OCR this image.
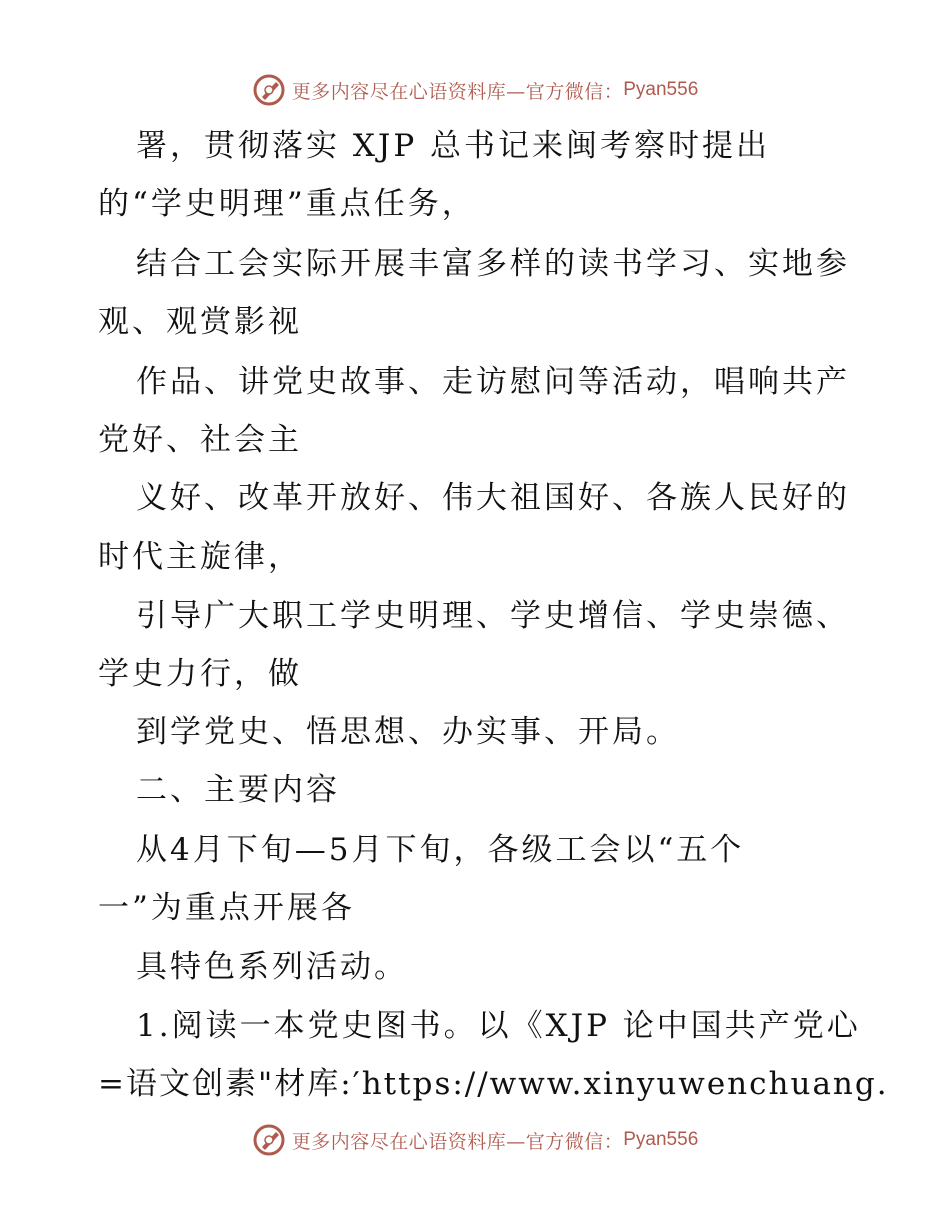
更多内容尽在心语资料库—官方微信： Pyan556
署，贯彻落实 XJP 总书记来闽考察时提出
的“学史明理”重点任务，
结合工会实际开展丰富多样的读书学习、实地参
观、观赏影视
作品、讲党史故事、走访慰问等活动，唱响共产
党好、社会主
义好、改革开放好、伟大祖国好、各族人民好的
时代主旋律，
引导广大职工学史明理、学史增信、学史崇德、
学史力行，做
到学党史、悟思想、办实事、开局。
二、主要内容
从4月下旬—5月下旬，各级工会以“五个
一”为重点开展各
具特色系列活动。
1.阅读一本党史图书。以《XJP 论中国共产党心
=语文创素"材库:′https://www.xinyuwenchuang.
更多内容尽在心语资料库—官方微信： Pyan556
